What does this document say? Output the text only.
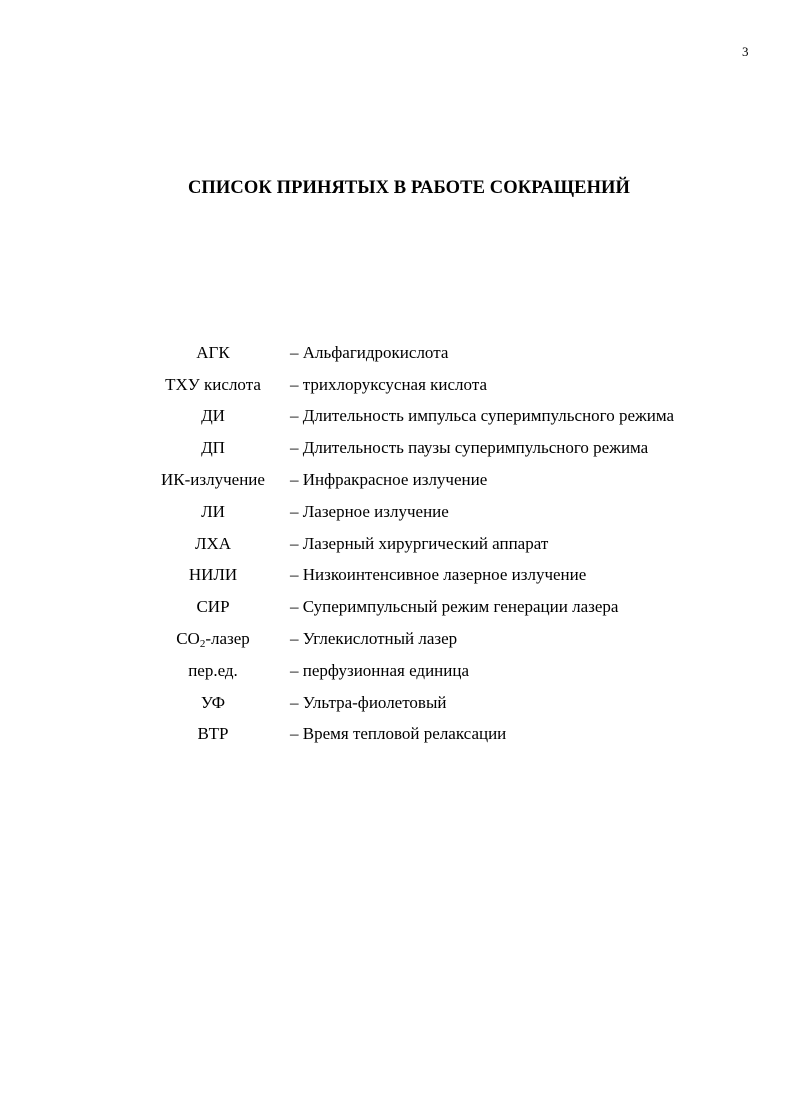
3
СПИСОК ПРИНЯТЫХ В РАБОТЕ СОКРАЩЕНИЙ
АГК	– Альфагидрокислота
ТХУ кислота	– трихлоруксусная кислота
ДИ	– Длительность импульса суперимпульсного режима
ДП	– Длительность паузы суперимпульсного режима
ИК-излучение	– Инфракрасное излучение
ЛИ	– Лазерное излучение
ЛХА	– Лазерный хирургический аппарат
НИЛИ	– Низкоинтенсивное лазерное излучение
СИР	– Суперимпульсный режим генерации лазера
$CO_2$-лазер	– Углекислотный лазер
пер.ед.	– перфузионная единица
УФ	– Ультра-фиолетовый
ВТР	– Время тепловой релаксации
